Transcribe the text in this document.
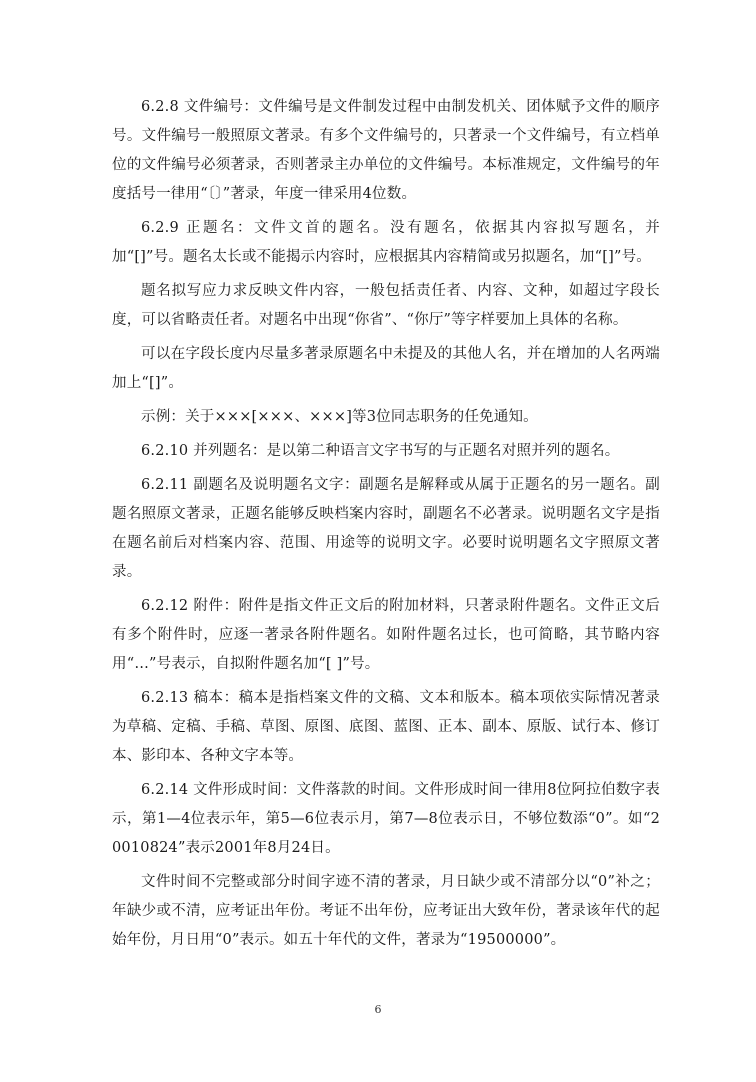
6.2.8 文件编号：文件编号是文件制发过程中由制发机关、团体赋予文件的顺序号。文件编号一般照原文著录。有多个文件编号的，只著录一个文件编号，有立档单位的文件编号必须著录，否则著录主办单位的文件编号。本标准规定，文件编号的年度括号一律用“〔〕”著录，年度一律采用4位数。

6.2.9 正题名：文件文首的题名。没有题名，依据其内容拟写题名，并加“[]”号。题名太长或不能揭示内容时，应根据其内容精简或另拟题名，加“[]”号。

题名拟写应力求反映文件内容，一般包括责任者、内容、文种，如超过字段长度，可以省略责任者。对题名中出现“你省”、“你厅”等字样要加上具体的名称。

可以在字段长度内尽量多著录原题名中未提及的其他人名，并在增加的人名两端加上“[]”。

示例：关于×××[×××、×××]等3位同志职务的任免通知。

6.2.10 并列题名：是以第二种语言文字书写的与正题名对照并列的题名。

6.2.11 副题名及说明题名文字：副题名是解释或从属于正题名的另一题名。副题名照原文著录，正题名能够反映档案内容时，副题名不必著录。说明题名文字是指在题名前后对档案内容、范围、用途等的说明文字。必要时说明题名文字照原文著录。

6.2.12 附件：附件是指文件正文后的附加材料，只著录附件题名。文件正文后有多个附件时，应逐一著录各附件题名。如附件题名过长，也可简略，其节略内容用“…”号表示，自拟附件题名加“[ ]”号。

6.2.13 稿本：稿本是指档案文件的文稿、文本和版本。稿本项依实际情况著录为草稿、定稿、手稿、草图、原图、底图、蓝图、正本、副本、原版、试行本、修订本、影印本、各种文字本等。

6.2.14 文件形成时间：文件落款的时间。文件形成时间一律用8位阿拉伯数字表示，第1—4位表示年，第5—6位表示月，第7—8位表示日，不够位数添“0”。如“20010824”表示2001年8月24日。

文件时间不完整或部分时间字迹不清的著录，月日缺少或不清部分以“0”补之；年缺少或不清，应考证出年份。考证不出年份，应考证出大致年份，著录该年代的起始年份，月日用“0”表示。如五十年代的文件，著录为“19500000”。

6
